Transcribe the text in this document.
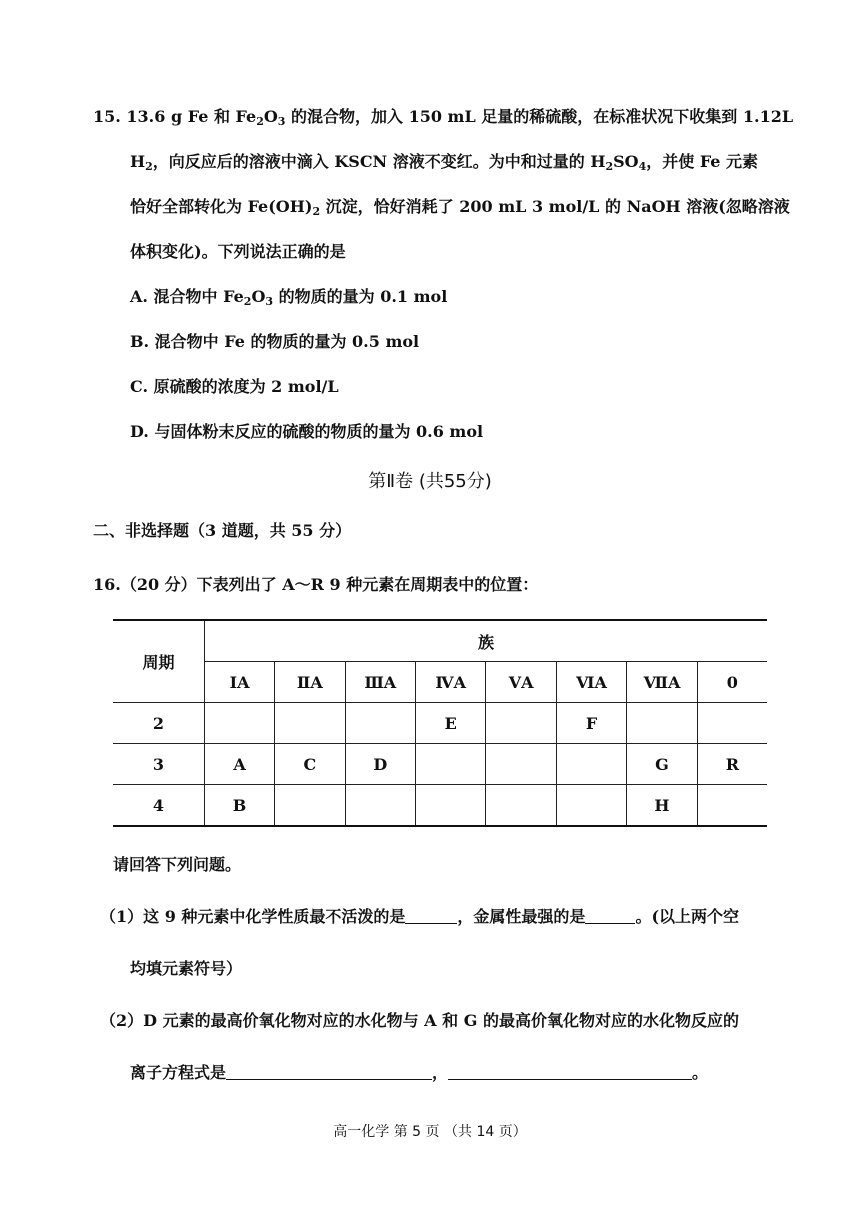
15. 13.6 g Fe 和 $Fe_2O_3$ 的混合物，加入 150 mL 足量的稀硫酸，在标准状况下收集到 1.12L
$H_2$，向反应后的溶液中滴入 KSCN 溶液不变红。为中和过量的 $H_2SO_4$，并使 Fe 元素
恰好全部转化为 $Fe(OH)_2$ 沉淀，恰好消耗了 200 mL 3 mol/L 的 NaOH 溶液(忽略溶液
体积变化)。下列说法正确的是
A. 混合物中 $Fe_2O_3$ 的物质的量为 0.1 mol
B. 混合物中 Fe 的物质的量为 0.5 mol
C. 原硫酸的浓度为 2 mol/L
D. 与固体粉末反应的硫酸的物质的量为 0.6 mol
第Ⅱ卷 (共55分)
二、非选择题（3 道题，共 55 分）
16.（20 分）下表列出了 A～R 9 种元素在周期表中的位置：
周期	族							
	ⅠA	ⅡA	ⅢA	ⅣA	ⅤA	ⅥA	ⅦA	0
2				E		F		
3	A	C	D				G	R
4	B						H	
请回答下列问题。
（1）这 9 种元素中化学性质最不活泼的是	，金属性最强的是	。(以上两个空
均填元素符号）
（2）D 元素的最高价氧化物对应的水化物与 A 和 G 的最高价氧化物对应的水化物反应的
离子方程式是	，	。
高一化学 第 5 页 （共 14 页）
